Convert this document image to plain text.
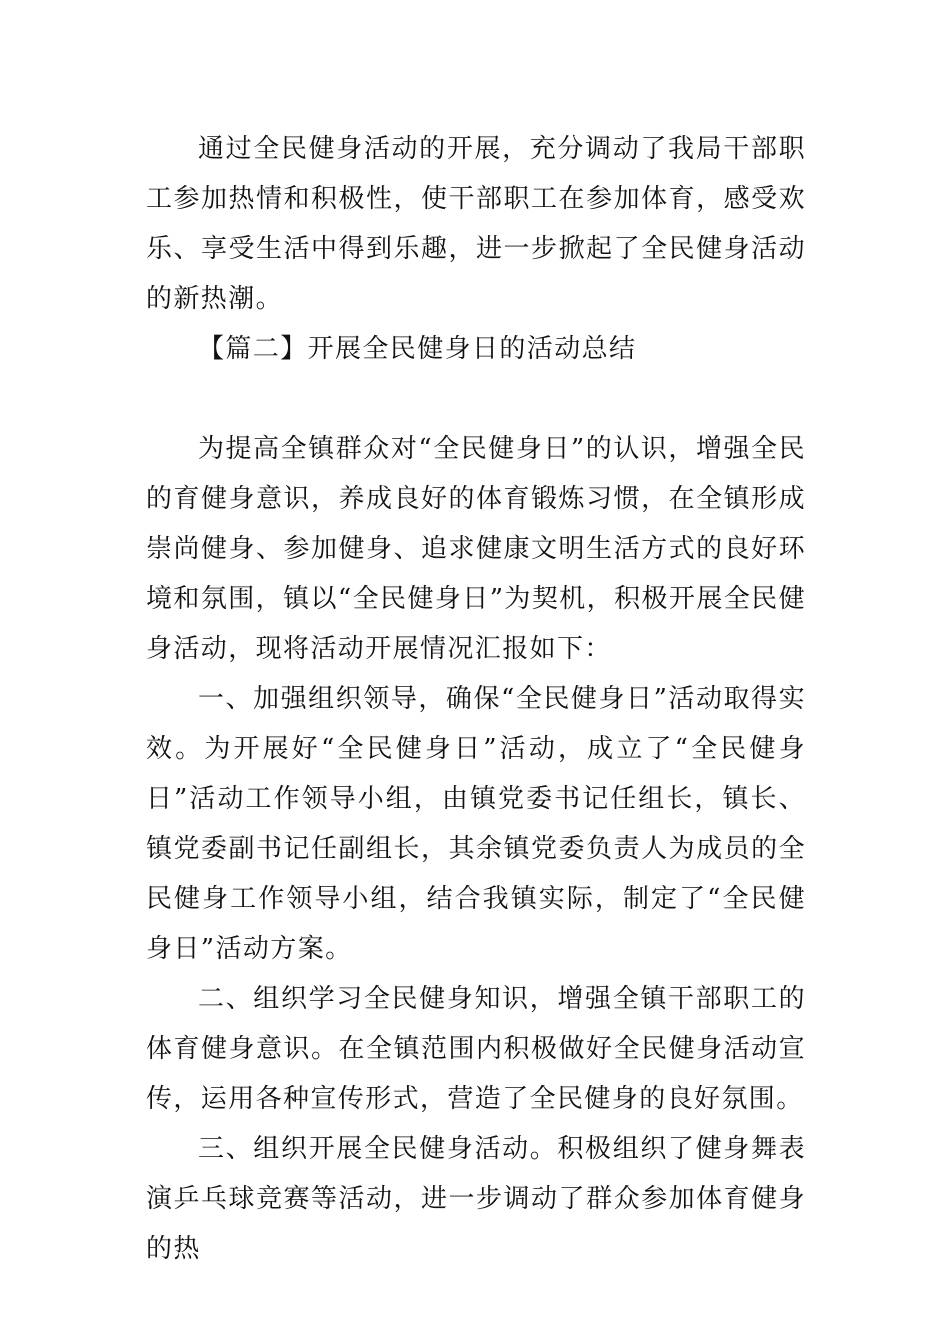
通过全民健身活动的开展，充分调动了我局干部职工参加热情和积极性，使干部职工在参加体育，感受欢乐、享受生活中得到乐趣，进一步掀起了全民健身活动的新热潮。

【篇二】开展全民健身日的活动总结

为提高全镇群众对“全民健身日”的认识，增强全民的育健身意识，养成良好的体育锻炼习惯，在全镇形成崇尚健身、参加健身、追求健康文明生活方式的良好环境和氛围，镇以“全民健身日”为契机，积极开展全民健身活动，现将活动开展情况汇报如下：

一、加强组织领导，确保“全民健身日”活动取得实效。为开展好“全民健身日”活动，成立了“全民健身日”活动工作领导小组，由镇党委书记任组长，镇长、镇党委副书记任副组长，其余镇党委负责人为成员的全民健身工作领导小组，结合我镇实际，制定了“全民健身日”活动方案。

二、组织学习全民健身知识，增强全镇干部职工的体育健身意识。在全镇范围内积极做好全民健身活动宣传，运用各种宣传形式，营造了全民健身的良好氛围。

三、组织开展全民健身活动。积极组织了健身舞表演乒乓球竞赛等活动，进一步调动了群众参加体育健身的热
